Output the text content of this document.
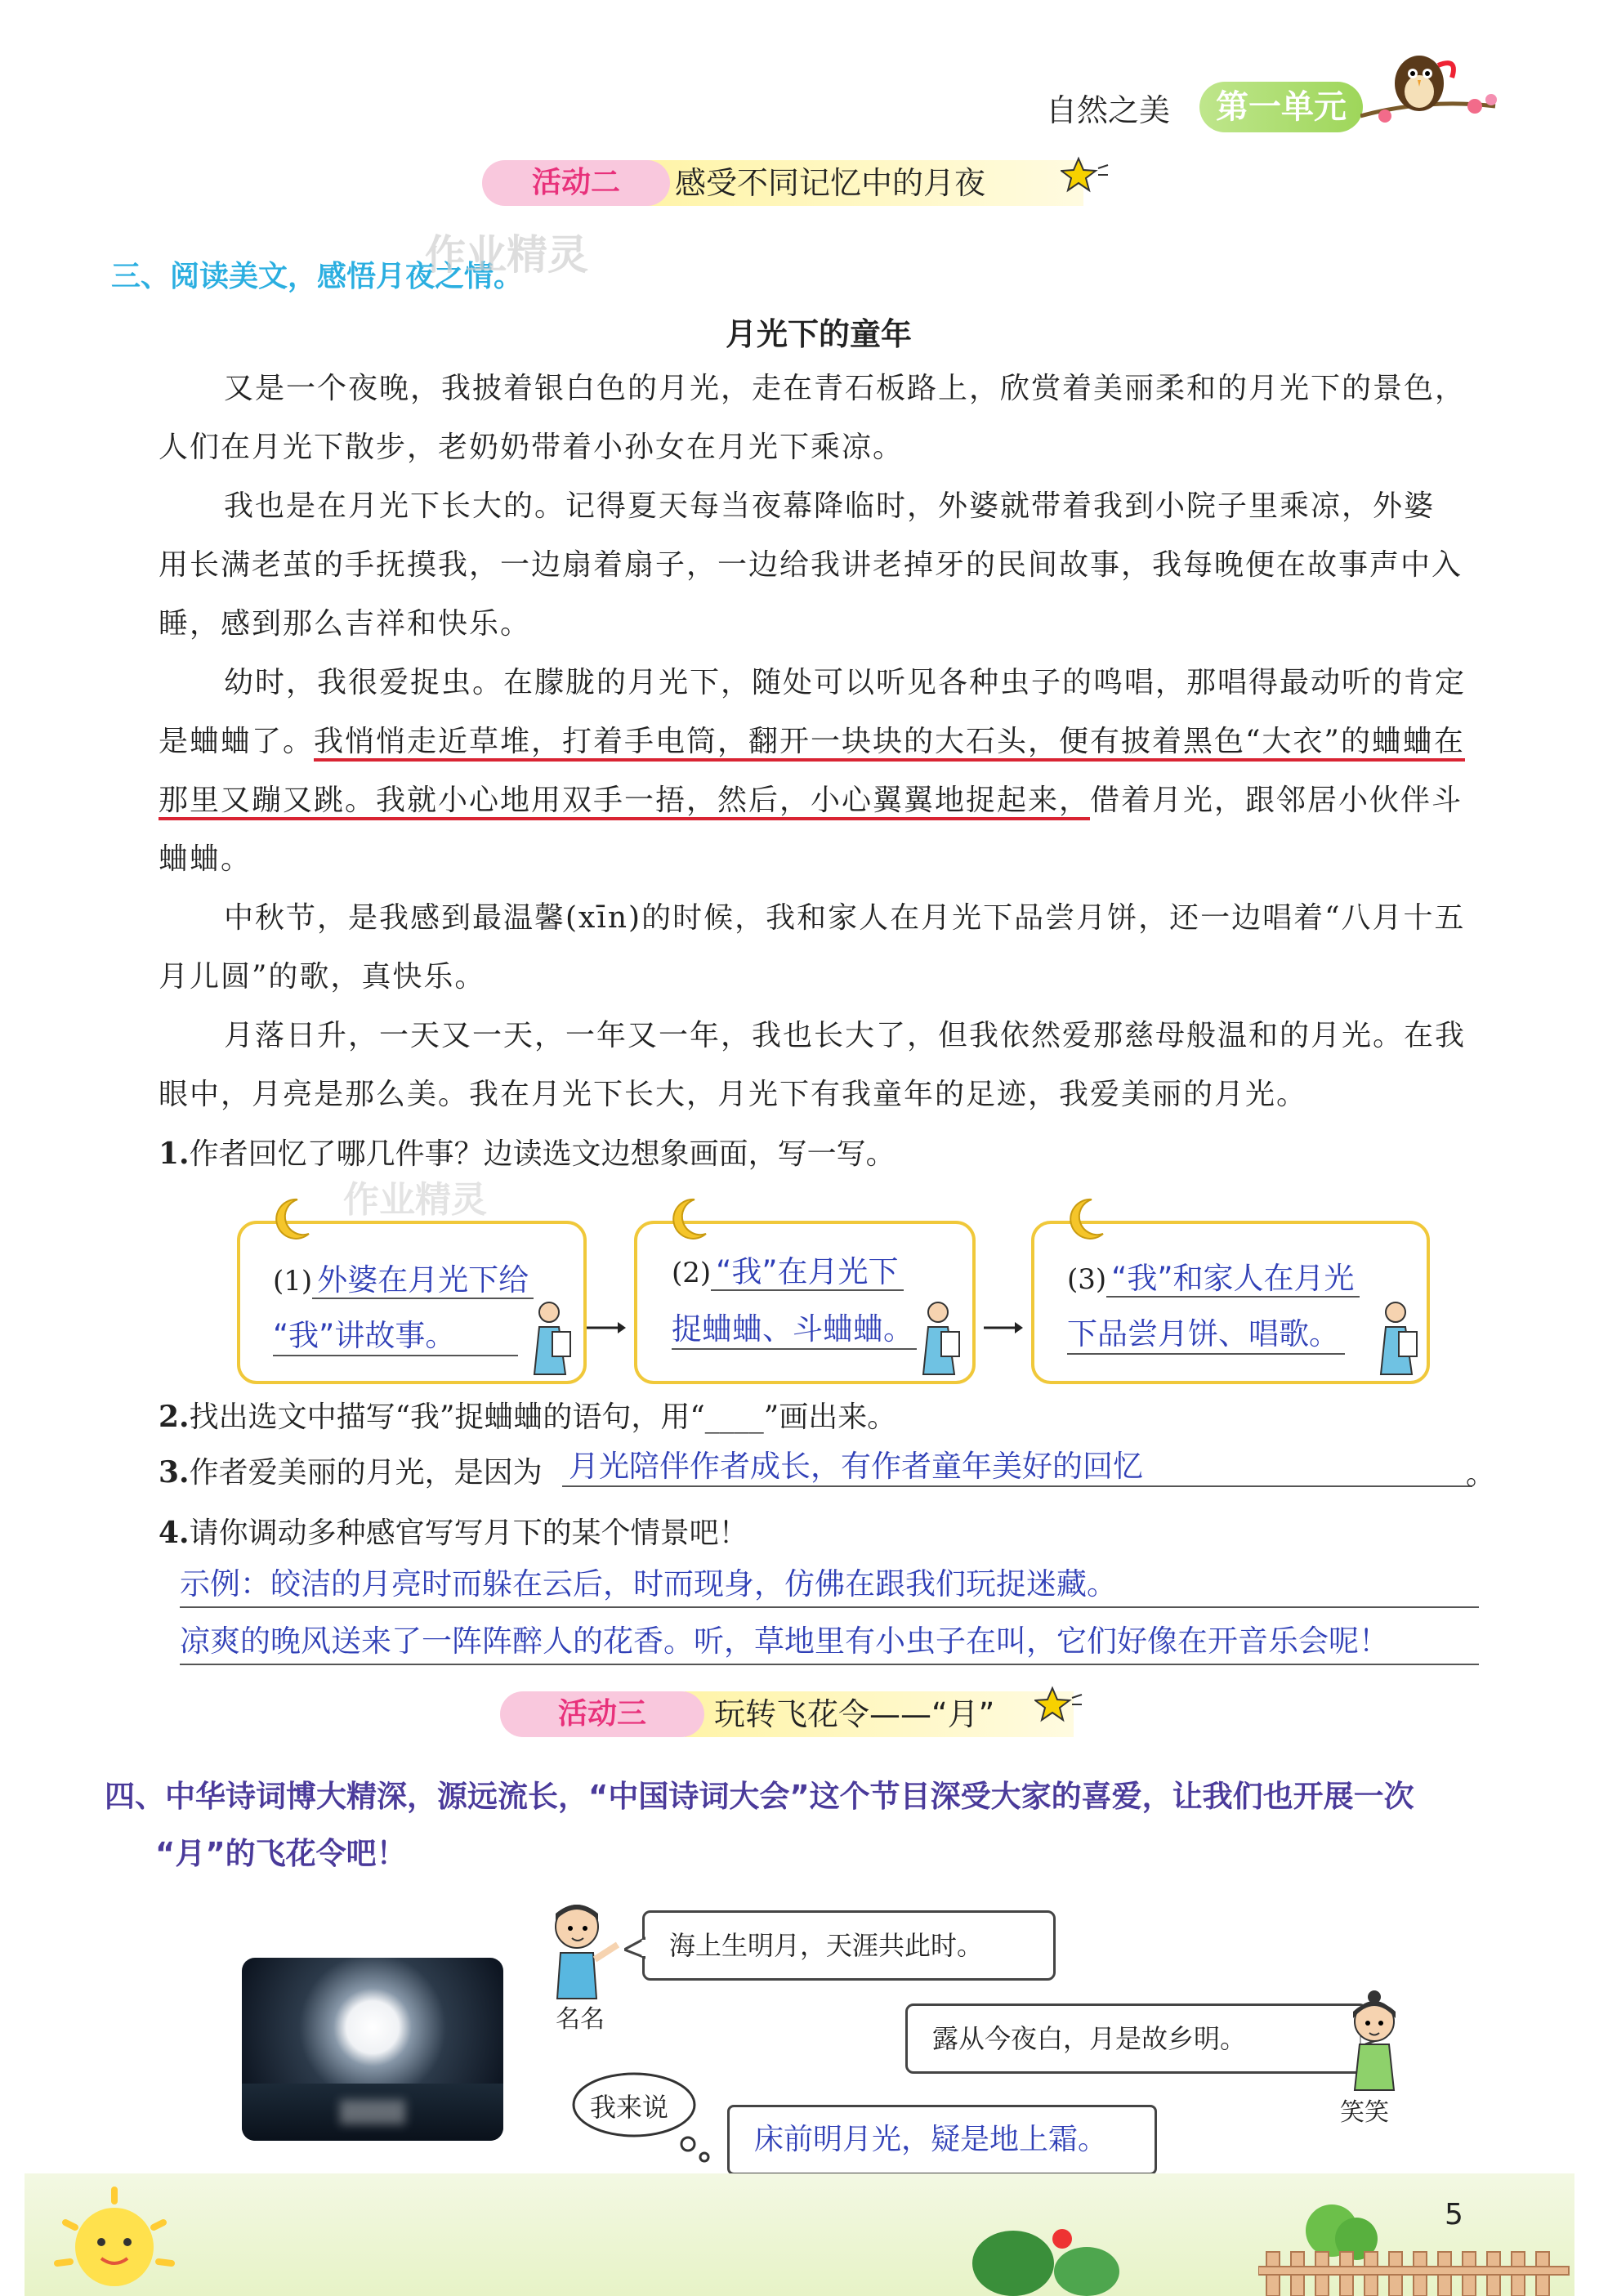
自然之美	第一单元
感受不同记忆中的月夜
活动二
三、阅读美文，感悟月夜之情。
作业精灵
月光下的童年
又是一个夜晚，我披着银白色的月光，走在青石板路上，欣赏着美丽柔和的月光下的景色，
人们在月光下散步，老奶奶带着小孙女在月光下乘凉。
我也是在月光下长大的。记得夏天每当夜幕降临时，外婆就带着我到小院子里乘凉，外婆
用长满老茧的手抚摸我，一边扇着扇子，一边给我讲老掉牙的民间故事，我每晚便在故事声中入
睡，感到那么吉祥和快乐。
幼时，我很爱捉虫。在朦胧的月光下，随处可以听见各种虫子的鸣唱，那唱得最动听的肯定
是蛐蛐了。我悄悄走近草堆，打着手电筒，翻开一块块的大石头，便有披着黑色“大衣”的蛐蛐在
那里又蹦又跳。我就小心地用双手一捂，然后，小心翼翼地捉起来，借着月光，跟邻居小伙伴斗
蛐蛐。
中秋节，是我感到最温馨(xīn)的时候，我和家人在月光下品尝月饼，还一边唱着“八月十五
月儿圆”的歌，真快乐。
月落日升，一天又一天，一年又一年，我也长大了，但我依然爱那慈母般温和的月光。在我
眼中，月亮是那么美。我在月光下长大，月光下有我童年的足迹，我爱美丽的月光。
1.作者回忆了哪几件事？边读选文边想象画面，写一写。
作业精灵
(1) 外婆在月光下给
“我”讲故事。
(2) “我”在月光下
捉蛐蛐、斗蛐蛐。
(3) “我”和家人在月光
下品尝月饼、唱歌。
2.找出选文中描写“我”捉蛐蛐的语句，用“____”画出来。
3.作者爱美丽的月光，是因为 月光陪伴作者成长，有作者童年美好的回忆	。
4.请你调动多种感官写写月下的某个情景吧！
示例：皎洁的月亮时而躲在云后，时而现身，仿佛在跟我们玩捉迷藏。
凉爽的晚风送来了一阵阵醉人的花香。听，草地里有小虫子在叫，它们好像在开音乐会呢！
玩转飞花令——“月”
活动三
四、中华诗词博大精深，源远流长，“中国诗词大会”这个节目深受大家的喜爱，让我们也开展一次
“月”的飞花令吧！
名名
海上生明月，天涯共此时。
露从今夜白，月是故乡明。
笑笑
我来说
床前明月光，疑是地上霜。
5
